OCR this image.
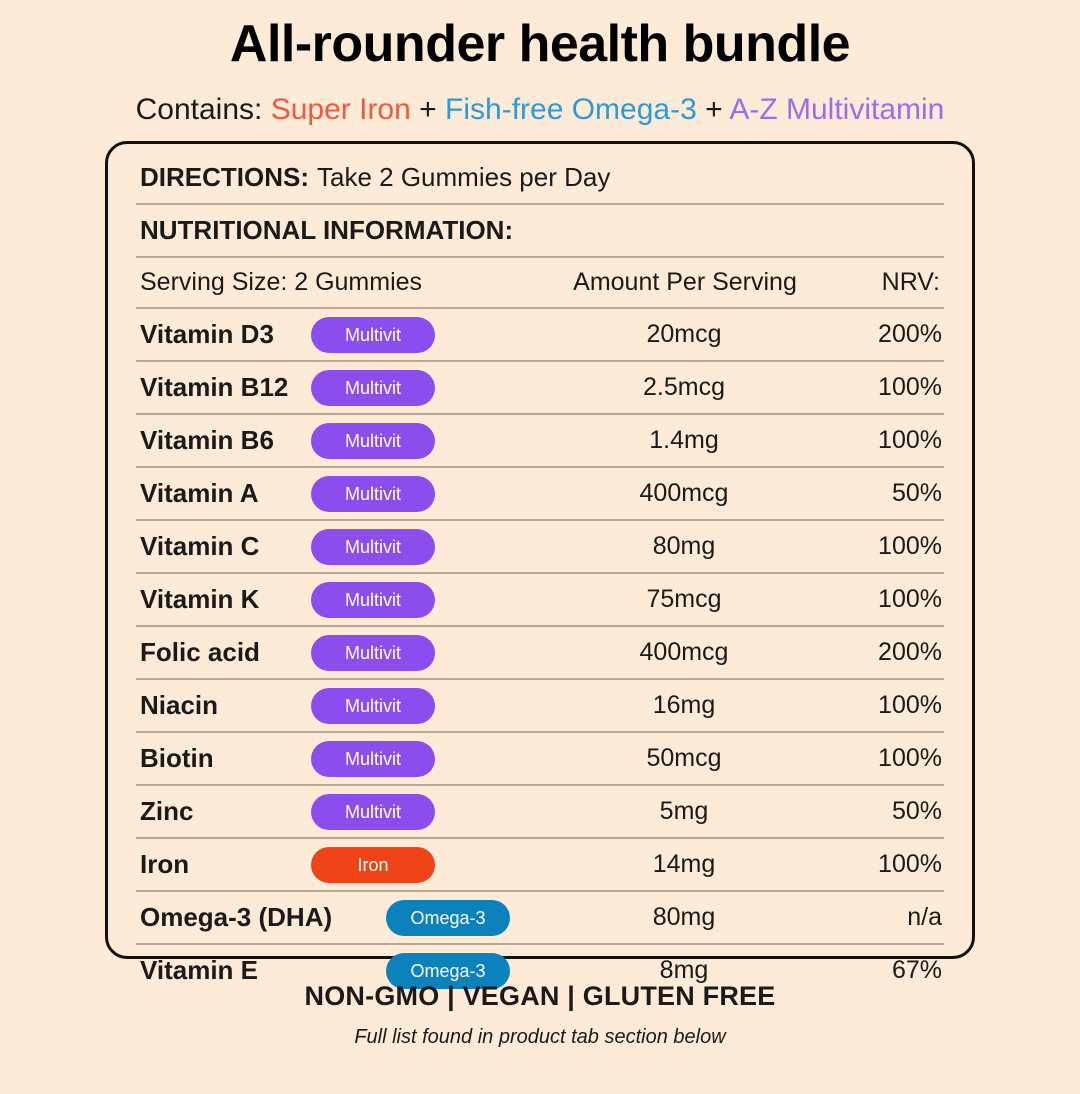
All-rounder health bundle
Contains: Super Iron + Fish-free Omega-3 + A-Z Multivitamin
DIRECTIONS: Take 2 Gummies per Day
NUTRITIONAL INFORMATION:
Serving Size: 2 Gummies	Amount Per Serving	NRV:
Vitamin D3	Multivit	20mcg	200%
Vitamin B12	Multivit	2.5mcg	100%
Vitamin B6	Multivit	1.4mg	100%
Vitamin A	Multivit	400mcg	50%
Vitamin C	Multivit	80mg	100%
Vitamin K	Multivit	75mcg	100%
Folic acid	Multivit	400mcg	200%
Niacin	Multivit	16mg	100%
Biotin	Multivit	50mcg	100%
Zinc	Multivit	5mg	50%
Iron	Iron	14mg	100%
Omega-3 (DHA)	Omega-3	80mg	n/a
Vitamin E	Omega-3	8mg	67%
NON-GMO | VEGAN | GLUTEN FREE
Full list found in product tab section below
